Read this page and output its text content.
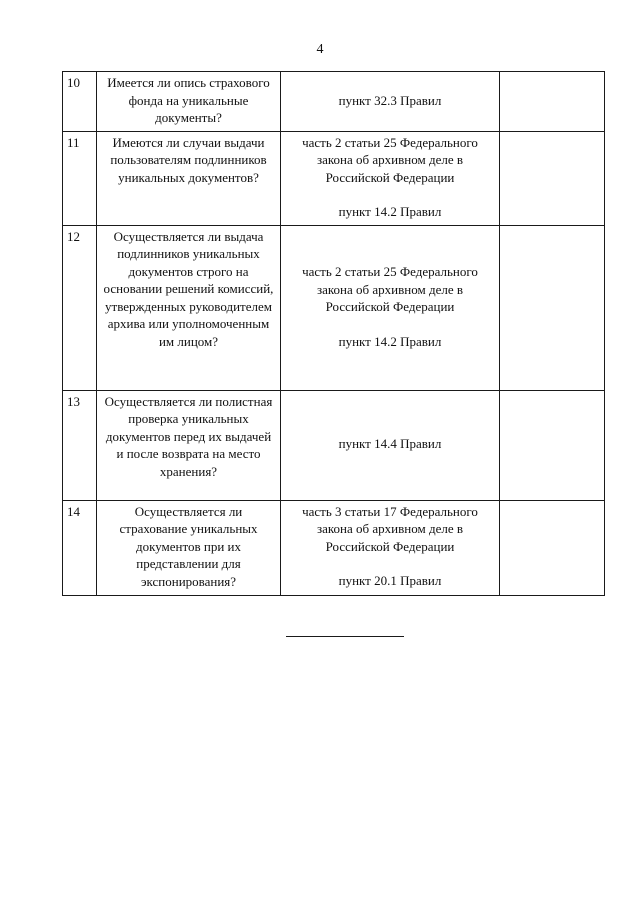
4
10	Имеется ли опись страхового фонда на уникальные документы?	пункт 32.3 Правил	

11	Имеются ли случаи выдачи пользователям подлинников уникальных документов?	часть 2 статьи 25 Федерального закона об архивном деле в Российской Федерации
пункт 14.2 Правил	

12	Осуществляется ли выдача подлинников уникальных документов строго на основании решений комиссий, утвержденных руководителем архива или уполномоченным им лицом?	часть 2 статьи 25 Федерального закона об архивном деле в Российской Федерации
пункт 14.2 Правил	

13	Осуществляется ли полистная проверка уникальных документов перед их выдачей и после возврата на место хранения?	пункт 14.4 Правил	

14	Осуществляется ли страхование уникальных документов при их представлении для экспонирования?	часть 3 статьи 17 Федерального закона об архивном деле в Российской Федерации
пункт 20.1 Правил	
